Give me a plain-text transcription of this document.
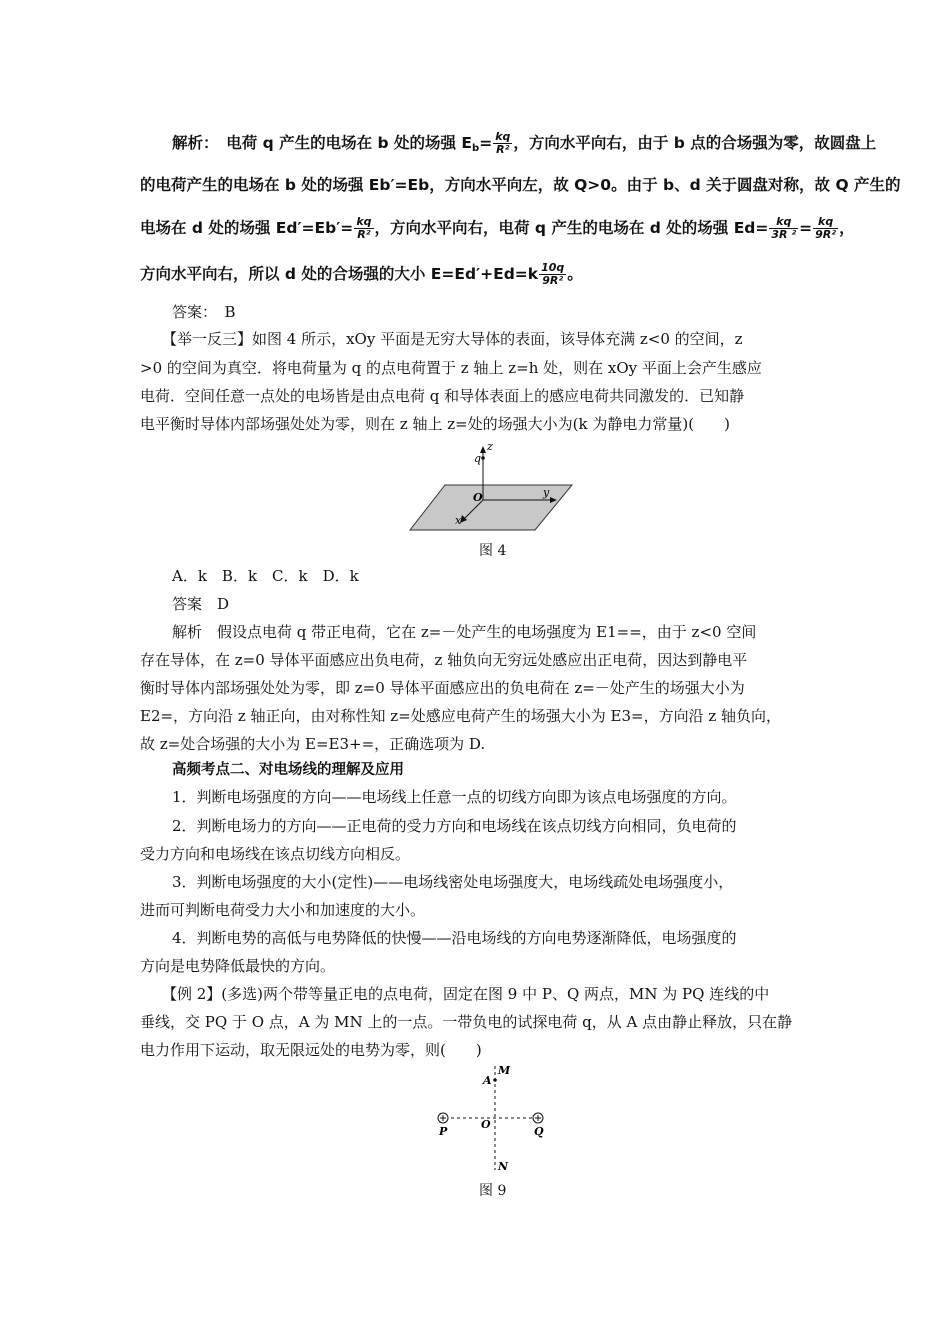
解析：　电荷 q 产生的电场在 b 处的场强 $E_b= \frac{kq}{\text{R²}}$ ，方向水平向右，由于 b 点的合场强为零，故圆盘上
的电荷产生的电场在 b 处的场强 Eb′=Eb，方向水平向左，故 Q>0。由于 b、d 关于圆盘对称，故 Q 产生的
电场在 d 处的场强 $Ed'=Eb'= \frac{kq}{\text{R²}}$ ，方向水平向右，电荷 q 产生的电场在 d 处的场强 $Ed= \frac{kq}{\text{3R ²}} = \frac{kq}{\text{9R²}}$ ，
方向水平向右，所以 d 处的合场强的大小 $E=Ed'+Ed=k \frac{10q}{\text{9R²}}$ 。
答案：　B
【举一反三】如图 4 所示，xOy 平面是无穷大导体的表面，该导体充满 z<0 的空间，z
>0 的空间为真空．将电荷量为 q 的点电荷置于 z 轴上 z=h 处，则在 xOy 平面上会产生感应
电荷．空间任意一点处的电场皆是由点电荷 q 和导体表面上的感应电荷共同激发的．已知静
电平衡时导体内部场强处处为零，则在 z 轴上 z=处的场强大小为(k 为静电力常量)(　　)
q
z
O	y
x
图 4
A．k　B．k　C．k　D．k
答案　D
解析　假设点电荷 q 带正电荷，它在 z=－处产生的电场强度为 E1==，由于 z<0 空间
存在导体，在 z=0 导体平面感应出负电荷，z 轴负向无穷远处感应出正电荷，因达到静电平
衡时导体内部场强处处为零，即 z=0 导体平面感应出的负电荷在 z=－处产生的场强大小为
E2=，方向沿 z 轴正向，由对称性知 z=处感应电荷产生的场强大小为 E3=，方向沿 z 轴负向，
故 z=处合场强的大小为 E=E3+=，正确选项为 D.
高频考点二、对电场线的理解及应用
1．判断电场强度的方向——电场线上任意一点的切线方向即为该点电场强度的方向。
2．判断电场力的方向——正电荷的受力方向和电场线在该点切线方向相同，负电荷的
受力方向和电场线在该点切线方向相反。
3．判断电场强度的大小(定性)——电场线密处电场强度大，电场线疏处电场强度小，
进而可判断电荷受力大小和加速度的大小。
4．判断电势的高低与电势降低的快慢——沿电场线的方向电势逐渐降低，电场强度的
方向是电势降低最快的方向。
【例 2】(多选)两个带等量正电的点电荷，固定在图 9 中 P、Q 两点，MN 为 PQ 连线的中
垂线，交 PQ 于 O 点，A 为 MN 上的一点。一带负电的试探电荷 q，从 A 点由静止释放，只在静
电力作用下运动，取无限远处的电势为零，则(　　)
M
A
P
O
Q
N
图 9
